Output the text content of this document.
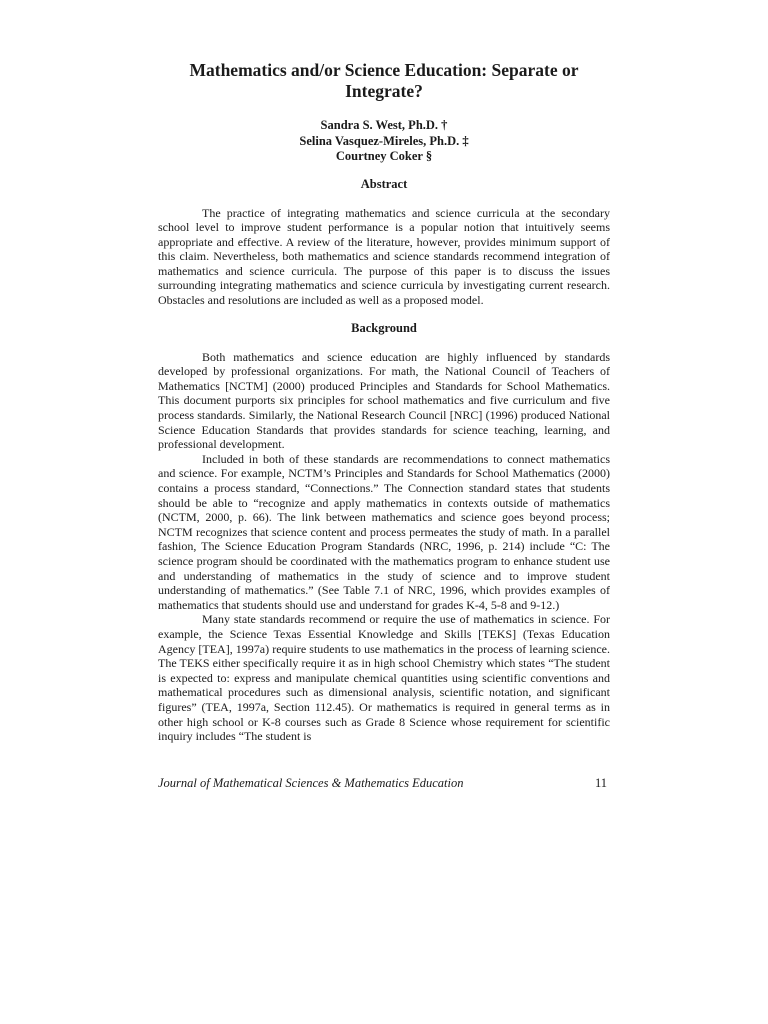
Mathematics and/or Science Education: Separate or Integrate?
Sandra S. West, Ph.D. †
Selina Vasquez-Mireles, Ph.D. ‡
Courtney Coker §
Abstract

The practice of integrating mathematics and science curricula at the secondary school level to improve student performance is a popular notion that intuitively seems appropriate and effective. A review of the literature, however, provides minimum support of this claim. Nevertheless, both mathematics and science standards recommend integration of mathematics and science curricula. The purpose of this paper is to discuss the issues surrounding integrating mathematics and science curricula by investigating current research. Obstacles and resolutions are included as well as a proposed model.

Background

Both mathematics and science education are highly influenced by standards developed by professional organizations. For math, the National Council of Teachers of Mathematics [NCTM] (2000) produced Principles and Standards for School Mathematics. This document purports six principles for school mathematics and five curriculum and five process standards. Similarly, the National Research Council [NRC] (1996) produced National Science Education Standards that provides standards for science teaching, learning, and professional development.

Included in both of these standards are recommendations to connect mathematics and science. For example, NCTM’s Principles and Standards for School Mathematics (2000) contains a process standard, “Connections.” The Connection standard states that students should be able to “recognize and apply mathematics in contexts outside of mathematics (NCTM, 2000, p. 66). The link between mathematics and science goes beyond process; NCTM recognizes that science content and process permeates the study of math. In a parallel fashion, The Science Education Program Standards (NRC, 1996, p. 214) include “C: The science program should be coordinated with the mathematics program to enhance student use and understanding of mathematics in the study of science and to improve student understanding of mathematics.” (See Table 7.1 of NRC, 1996, which provides examples of mathematics that students should use and understand for grades K-4, 5-8 and 9-12.)

Many state standards recommend or require the use of mathematics in science. For example, the Science Texas Essential Knowledge and Skills [TEKS] (Texas Education Agency [TEA], 1997a) require students to use mathematics in the process of learning science. The TEKS either specifically require it as in high school Chemistry which states “The student is expected to: express and manipulate chemical quantities using scientific conventions and mathematical procedures such as dimensional analysis, scientific notation, and significant figures” (TEA, 1997a, Section 112.45). Or mathematics is required in general terms as in other high school or K-8 courses such as Grade 8 Science whose requirement for scientific inquiry includes “The student is

Journal of Mathematical Sciences & Mathematics Education	11
